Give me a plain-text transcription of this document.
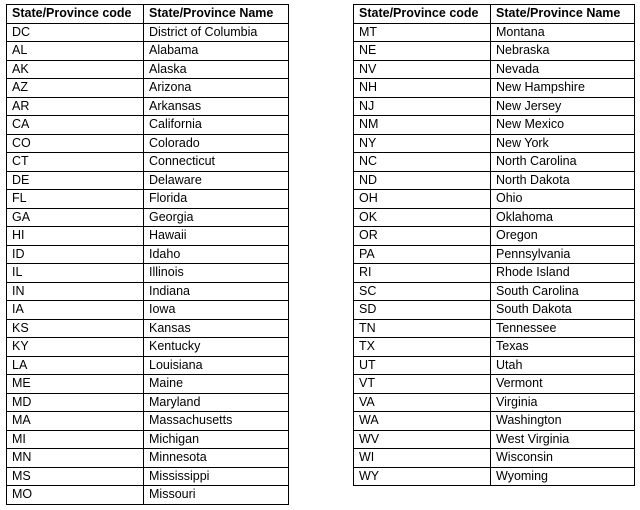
State/Province code	State/Province Name
DC	District of Columbia
AL	Alabama
AK	Alaska
AZ	Arizona
AR	Arkansas
CA	California
CO	Colorado
CT	Connecticut
DE	Delaware
FL	Florida
GA	Georgia
HI	Hawaii
ID	Idaho
IL	Illinois
IN	Indiana
IA	Iowa
KS	Kansas
KY	Kentucky
LA	Louisiana
ME	Maine
MD	Maryland
MA	Massachusetts
MI	Michigan
MN	Minnesota
MS	Mississippi
MO	Missouri
State/Province code	State/Province Name
MT	Montana
NE	Nebraska
NV	Nevada
NH	New Hampshire
NJ	New Jersey
NM	New Mexico
NY	New York
NC	North Carolina
ND	North Dakota
OH	Ohio
OK	Oklahoma
OR	Oregon
PA	Pennsylvania
RI	Rhode Island
SC	South Carolina
SD	South Dakota
TN	Tennessee
TX	Texas
UT	Utah
VT	Vermont
VA	Virginia
WA	Washington
WV	West Virginia
WI	Wisconsin
WY	Wyoming
